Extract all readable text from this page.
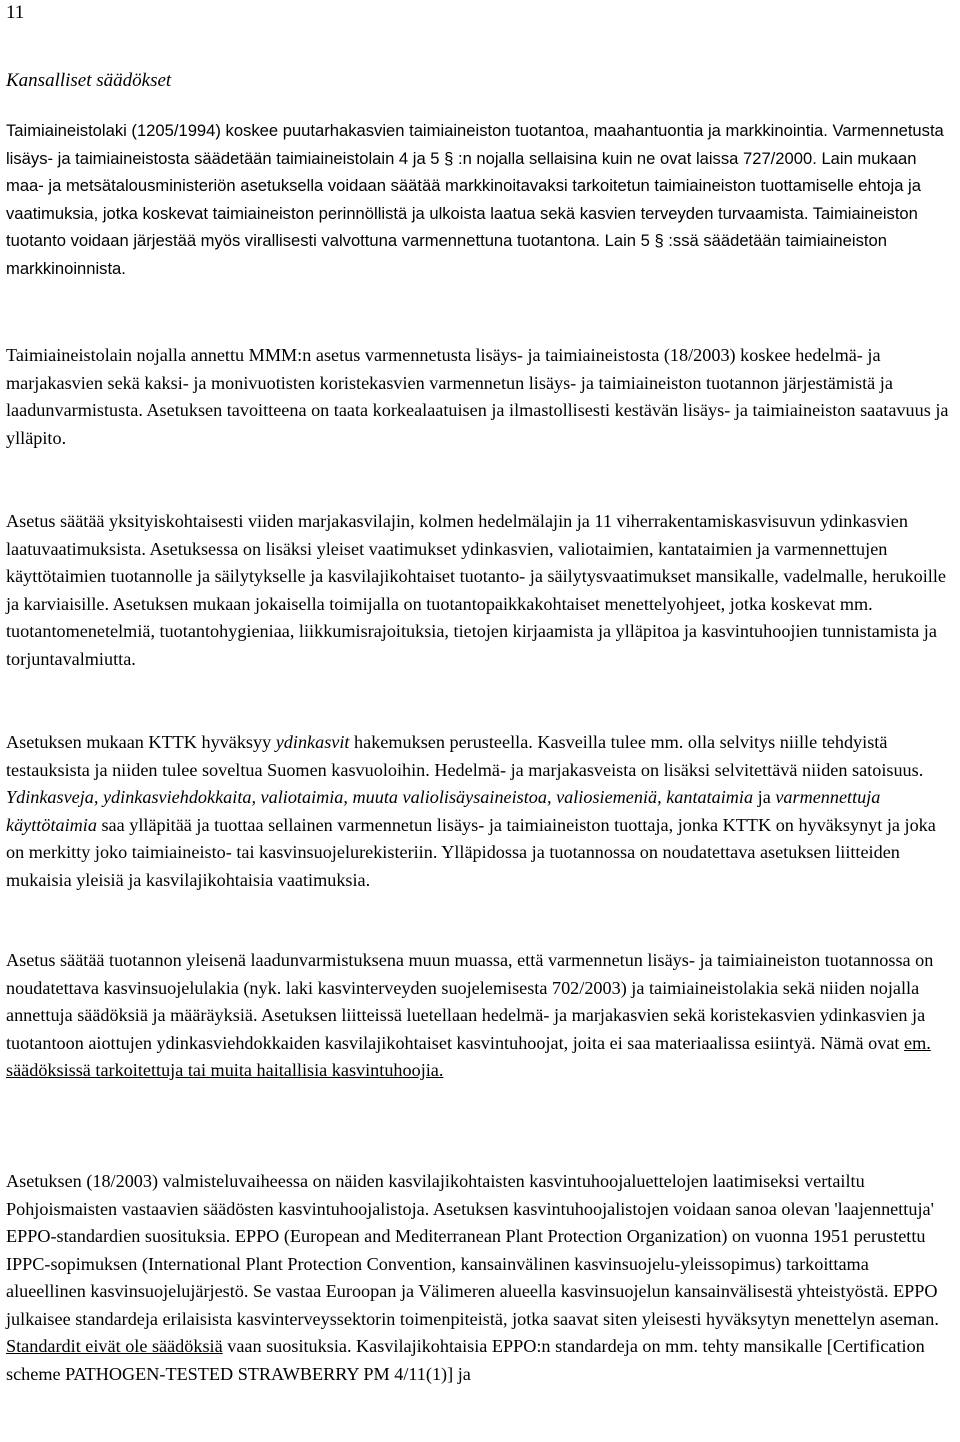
11
Kansalliset säädökset

Taimiaineistolaki (1205/1994) koskee puutarhakasvien taimiaineiston tuotantoa, maahantuontia ja markkinointia. Varmennetusta lisäys- ja taimiaineistosta säädetään taimiaineistolain 4 ja 5 § :n nojalla sellaisina kuin ne ovat laissa 727/2000. Lain mukaan maa- ja metsätalousministeriön asetuksella voidaan säätää markkinoitavaksi tarkoitetun taimiaineiston tuottamiselle ehtoja ja vaatimuksia, jotka koskevat taimiaineiston perinnöllistä ja ulkoista laatua sekä kasvien terveyden turvaamista. Taimiaineiston tuotanto voidaan järjestää myös virallisesti valvottuna varmennettuna tuotantona. Lain 5 § :ssä säädetään taimiaineiston markkinoinnista.

Taimiaineistolain nojalla annettu MMM:n asetus varmennetusta lisäys- ja taimiaineistosta (18/2003) koskee hedelmä- ja marjakasvien sekä kaksi- ja monivuotisten koristekasvien varmennetun lisäys- ja taimiaineiston tuotannon järjestämistä ja laadunvarmistusta. Asetuksen tavoitteena on taata korkealaatuisen ja ilmastollisesti kestävän lisäys- ja taimiaineiston saatavuus ja ylläpito.

Asetus säätää yksityiskohtaisesti viiden marjakasvilajin, kolmen hedelmälajin ja 11 viherrakentamiskasvisuvun ydinkasvien laatuvaatimuksista. Asetuksessa on lisäksi yleiset vaatimukset ydinkasvien, valiotaimien, kantataimien ja varmennettujen käyttötaimien tuotannolle ja säilytykselle ja kasvilajikohtaiset tuotanto- ja säilytysvaatimukset mansikalle, vadelmalle, herukoille ja karviaisille. Asetuksen mukaan jokaisella toimijalla on tuotantopaikkakohtaiset menettelyohjeet, jotka koskevat mm. tuotantomenetelmiä, tuotantohygieniaa, liikkumisrajoituksia, tietojen kirjaamista ja ylläpitoa ja kasvintuhoojien tunnistamista ja torjuntavalmiutta.

Asetuksen mukaan KTTK hyväksyy ydinkasvit hakemuksen perusteella. Kasveilla tulee mm. olla selvitys niille tehdyistä testauksista ja niiden tulee soveltua Suomen kasvuoloihin. Hedelmä- ja marjakasveista on lisäksi selvitettävä niiden satoisuus. Ydinkasveja, ydinkasviehdokkaita, valiotaimia, muuta valiolisäysaineistoa, valiosiemeniä, kantataimia ja varmennettuja käyttötaimia saa ylläpitää ja tuottaa sellainen varmennetun lisäys- ja taimiaineiston tuottaja, jonka KTTK on hyväksynyt ja joka on merkitty joko taimiaineisto- tai kasvinsuojelurekisteriin. Ylläpidossa ja tuotannossa on noudatettava asetuksen liitteiden mukaisia yleisiä ja kasvilajikohtaisia vaatimuksia.

Asetus säätää tuotannon yleisenä laadunvarmistuksena muun muassa, että varmennetun lisäys- ja taimiaineiston tuotannossa on noudatettava kasvinsuojelulakia (nyk. laki kasvinterveyden suojelemisesta 702/2003) ja taimiaineistolakia sekä niiden nojalla annettuja säädöksiä ja määräyksiä. Asetuksen liitteissä luetellaan hedelmä- ja marjakasvien sekä koristekasvien ydinkasvien ja tuotantoon aiottujen ydinkasviehdokkaiden kasvilajikohtaiset kasvintuhoojat, joita ei saa materiaalissa esiintyä. Nämä ovat em. säädöksissä tarkoitettuja tai muita haitallisia kasvintuhoojia.

Asetuksen (18/2003) valmisteluvaiheessa on näiden kasvilajikohtaisten kasvintuhoojaluettelojen laatimiseksi vertailtu Pohjoismaisten vastaavien säädösten kasvintuhoojalistoja. Asetuksen kasvintuhoojalistojen voidaan sanoa olevan 'laajennettuja' EPPO-standardien suosituksia. EPPO (European and Mediterranean Plant Protection Organization) on vuonna 1951 perustettu IPPC-sopimuksen (International Plant Protection Convention, kansainvälinen kasvinsuojelu-yleissopimus) tarkoittama alueellinen kasvinsuojelujärjestö. Se vastaa Euroopan ja Välimeren alueella kasvinsuojelun kansainvälisestä yhteistyöstä. EPPO julkaisee standardeja erilaisista kasvinterveyssektorin toimenpiteistä, jotka saavat siten yleisesti hyväksytyn menettelyn aseman. Standardit eivät ole säädöksiä vaan suosituksia. Kasvilajikohtaisia EPPO:n standardeja on mm. tehty mansikalle [Certification scheme PATHOGEN-TESTED STRAWBERRY PM 4/11(1)] ja
